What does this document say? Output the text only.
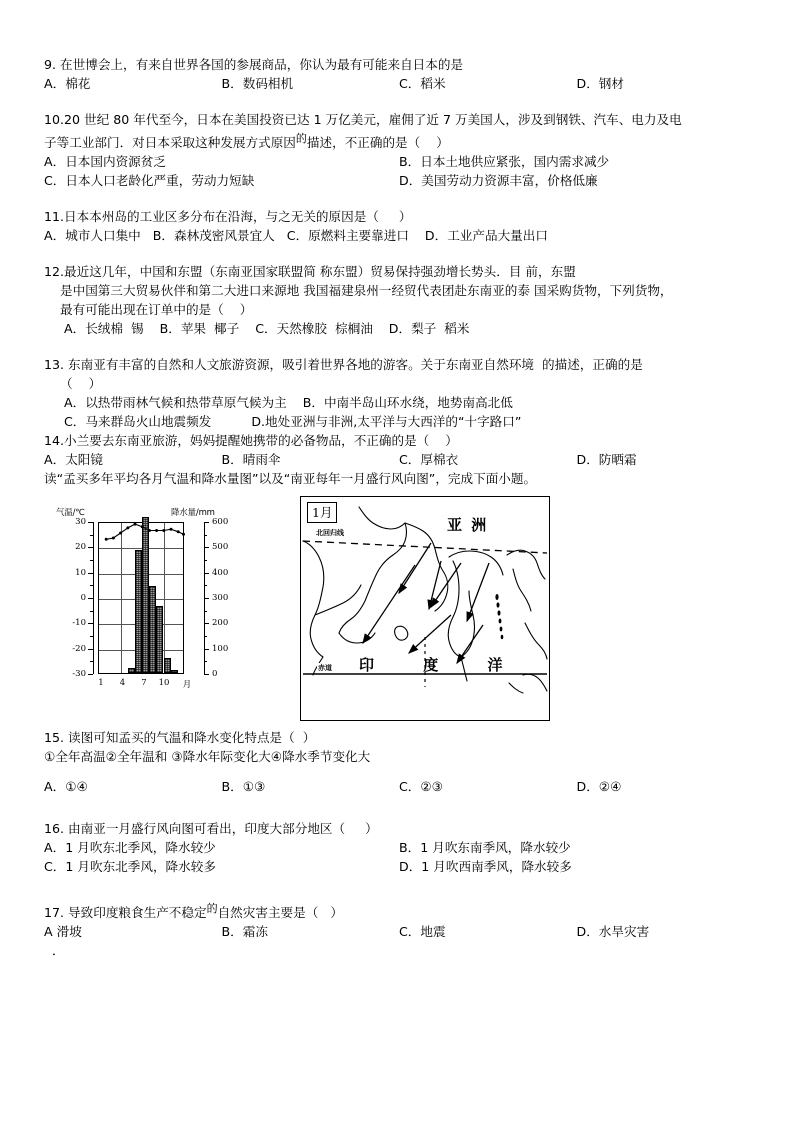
9. 在世博会上，有来自世界各国的参展商品，你认为最有可能来自日本的是
A．棉花	B．数码相机	C．稻米	D．钢材
10.20 世纪 80 年代至今，日本在美国投资已达 1 万亿美元，雇佣了近 7 万美国人，涉及到钢铁、汽车、电力及电
子等工业部门．对日本采取这种发展方式原因的描述，不正确的是（    ）
A．日本国内资源贫乏	B．日本土地供应紧张，国内需求减少
C．日本人口老龄化严重，劳动力短缺	D．美国劳动力资源丰富，价格低廉
11.日本本州岛的工业区多分布在沿海，与之无关的原因是（     ）
A．城市人口集中   B．森林茂密风景宜人   C．原燃料主要靠进口    D．工业产品大量出口
12.最近这几年，中国和东盟（东南亚国家联盟简 称东盟）贸易保持强劲增长势头．目 前，东盟
是中国第三大贸易伙伴和第二大进口来源地 我国福建泉州一经贸代表团赴东南亚的泰 国采购货物，下列货物，
最有可能出现在订单中的是（    ）
A．长绒棉  锡    B．苹果  椰子    C．天然橡胶  棕榈油    D．梨子  稻米
13. 东南亚有丰富的自然和人文旅游资源，吸引着世界各地的游客。关于东南亚自然环境 的描述，正确的是
（    ）
A．以热带雨林气候和热带草原气候为主    B．中南半岛山环水绕，地势南高北低
C．马来群岛火山地震频发          D.地处亚洲与非洲,太平洋与大西洋的“十字路口”
14.小兰要去东南亚旅游，妈妈提醒她携带的必备物品，不正确的是（    ）
A．太阳镜	B．晴雨伞	C．厚棉衣	D．防晒霜
读“孟买多年平均各月气温和降水量图”以及“南亚每年一月盛行风向图”，完成下面小题。
气温/℃	降水量/mm
30
20
10
0
-10
-20
-30
600
500
400
300
200
100
0
1	4	7	10	月
1月
亚 洲
印 度 洋
北回归线
赤道
15. 读图可知孟买的气温和降水变化特点是（  ）
①全年高温②全年温和 ③降水年际变化大④降水季节变化大
A．①④	B．①③	C．②③	D．②④
16. 由南亚一月盛行风向图可看出，印度大部分地区（     ）
A．1 月吹东北季风，降水较少	B．1 月吹东南季风，降水较少
C．1 月吹东北季风，降水较多	D．1 月吹西南季风，降水较多
17. 导致印度粮食生产不稳定的自然灾害主要是（   ）
A 滑坡	B．霜冻	C．地震	D．水旱灾害
．
